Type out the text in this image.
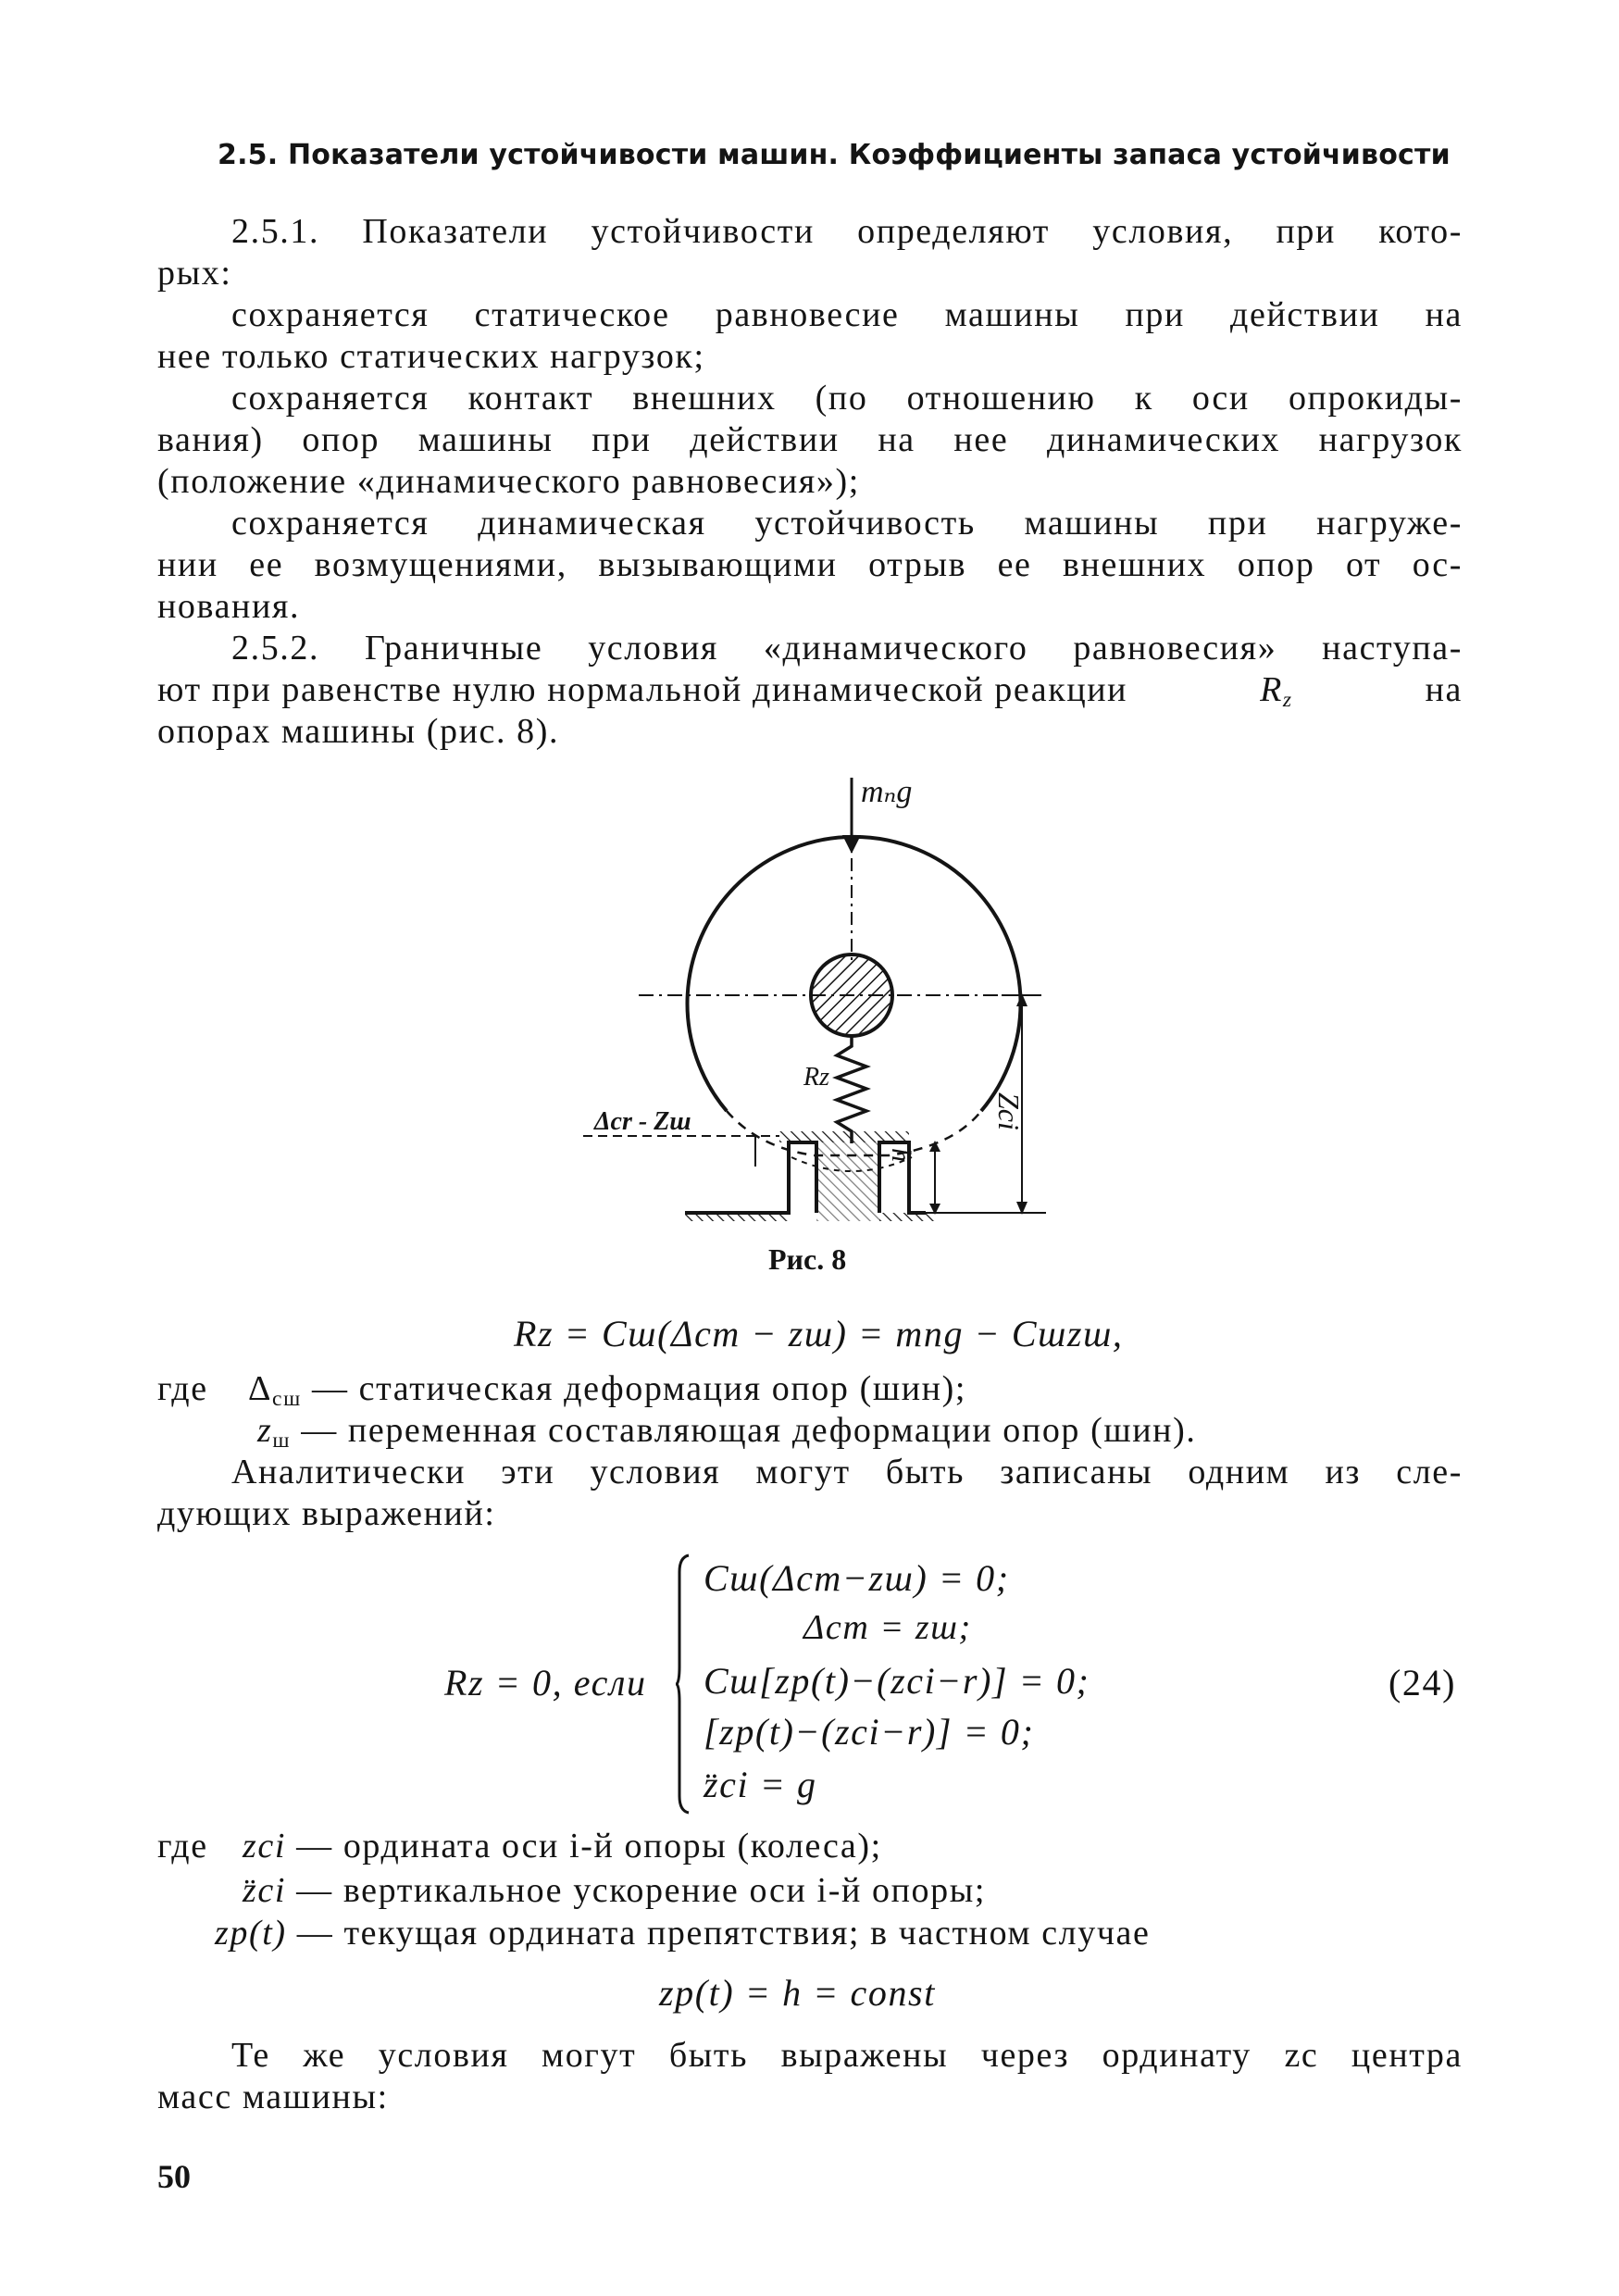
2.5. Показатели устойчивости машин. Коэффициенты запаса устойчивости
2.5.1. Показатели устойчивости определяют условия, при кото-
рых:
сохраняется статическое равновесие машины при действии на
нее только статических нагрузок;
сохраняется контакт внешних (по отношению к оси опрокиды-
вания) опор машины при действии на нее динамических нагрузок
(положение «динамического равновесия»);
сохраняется динамическая устойчивость машины при нагруже-
нии ее возмущениями, вызывающими отрыв ее внешних опор от ос-
нования.
2.5.2. Граничные условия «динамического равновесия» наступа-
ют при равенстве нулю нормальной динамической реакции	$R_z$	на
опорах машины (рис. 8).
mₙg
Rz
Δcr - Zш	Zci
h
Рис. 8
Rz = Cш(Δст − zш) = mпg − Cшzш,
где $\Delta_{сш}$ — статическая деформация опор (шин);
$z_ш$ — переменная составляющая деформации опор (шин).
Аналитически эти условия могут быть записаны одним из сле-
дующих выражений:
Rz = 0, если
Cш(Δст−zш) = 0;
Δст = zш;
Cш[zр(t)−(zci−r)] = 0;
[zр(t)−(zci−r)] = 0;
z̈ci = g
(24)
где zci — ордината оси i-й опоры (колеса);
z̈ci — вертикальное ускорение оси i-й опоры;
zр(t) — текущая ордината препятствия; в частном случае
zр(t) = h = const
Те же условия могут быть выражены через ординату zс центра
масс машины:
50
